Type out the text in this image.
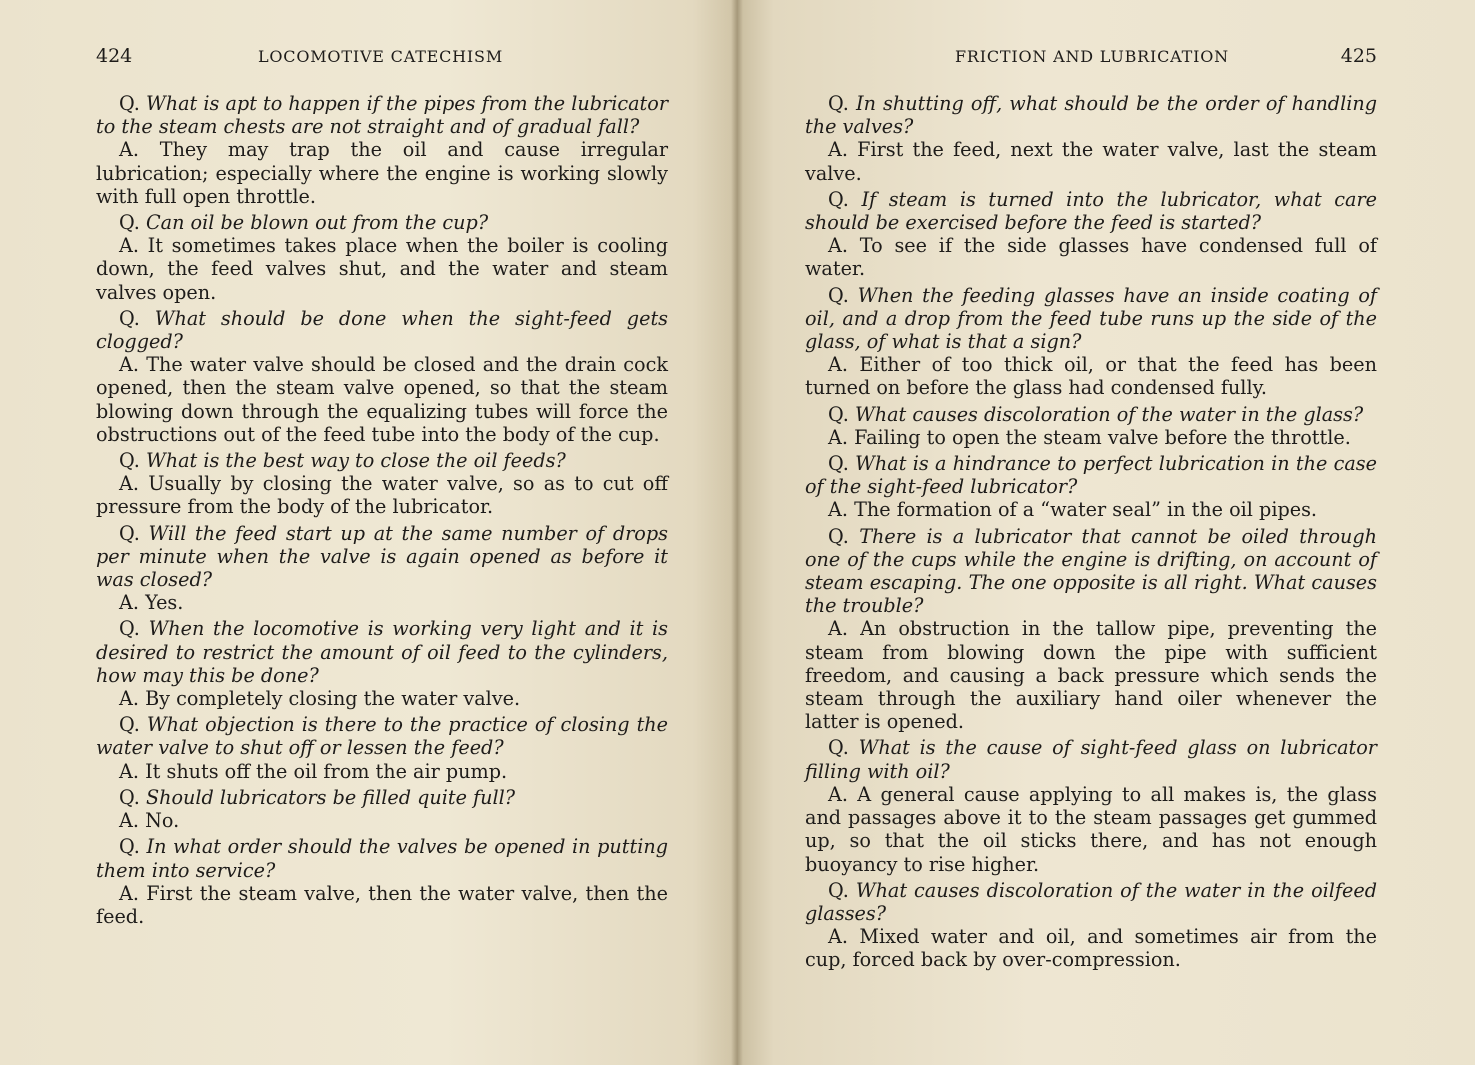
424	LOCOMOTIVE CATECHISM

Q. What is apt to happen if the pipes from the lubricator to the steam chests are not straight and of gradual fall?

A. They may trap the oil and cause irregular lubrication; especially where the engine is working slowly with full open throttle.

Q. Can oil be blown out from the cup?

A. It sometimes takes place when the boiler is cooling down, the feed valves shut, and the water and steam valves open.

Q. What should be done when the sight-feed gets clogged?

A. The water valve should be closed and the drain cock opened, then the steam valve opened, so that the steam blowing down through the equalizing tubes will force the obstructions out of the feed tube into the body of the cup.

Q. What is the best way to close the oil feeds?

A. Usually by closing the water valve, so as to cut off pressure from the body of the lubricator.

Q. Will the feed start up at the same number of drops per minute when the valve is again opened as before it was closed?

A. Yes.

Q. When the locomotive is working very light and it is desired to restrict the amount of oil feed to the cylinders, how may this be done?

A. By completely closing the water valve.

Q. What objection is there to the practice of closing the water valve to shut off or lessen the feed?

A. It shuts off the oil from the air pump.

Q. Should lubricators be filled quite full?

A. No.

Q. In what order should the valves be opened in putting them into service?

A. First the steam valve, then the water valve, then the feed.

FRICTION AND LUBRICATION	425

Q. In shutting off, what should be the order of handling the valves?

A. First the feed, next the water valve, last the steam valve.

Q. If steam is turned into the lubricator, what care should be exercised before the feed is started?

A. To see if the side glasses have condensed full of water.

Q. When the feeding glasses have an inside coating of oil, and a drop from the feed tube runs up the side of the glass, of what is that a sign?

A. Either of too thick oil, or that the feed has been turned on before the glass had condensed fully.

Q. What causes discoloration of the water in the glass?

A. Failing to open the steam valve before the throttle.

Q. What is a hindrance to perfect lubrication in the case of the sight-feed lubricator?

A. The formation of a “water seal” in the oil pipes.

Q. There is a lubricator that cannot be oiled through one of the cups while the engine is drifting, on account of steam escaping. The one opposite is all right. What causes the trouble?

A. An obstruction in the tallow pipe, preventing the steam from blowing down the pipe with sufficient freedom, and causing a back pressure which sends the steam through the auxiliary hand oiler whenever the latter is opened.

Q. What is the cause of sight-feed glass on lubricator filling with oil?

A. A general cause applying to all makes is, the glass and passages above it to the steam passages get gummed up, so that the oil sticks there, and has not enough buoyancy to rise higher.

Q. What causes discoloration of the water in the oilfeed glasses?

A. Mixed water and oil, and sometimes air from the cup, forced back by over-compression.
